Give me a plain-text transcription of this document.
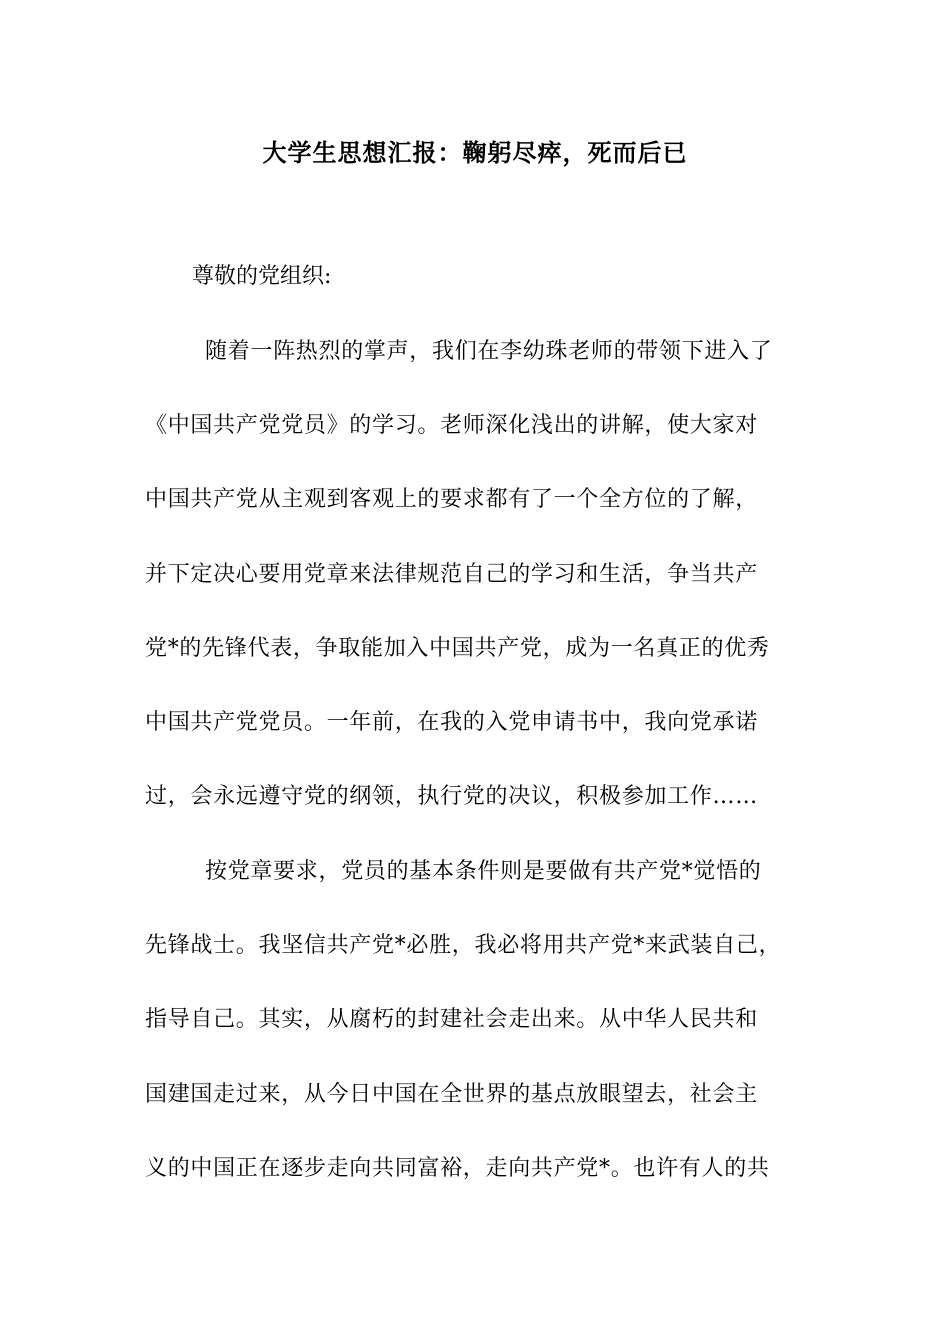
大学生思想汇报：鞠躬尽瘁，死而后已
尊敬的党组织:
随着一阵热烈的掌声，我们在李幼珠老师的带领下进入了
《中国共产党党员》的学习。老师深化浅出的讲解，使大家对
中国共产党从主观到客观上的要求都有了一个全方位的了解，
并下定决心要用党章来法律规范自己的学习和生活，争当共产
党*的先锋代表，争取能加入中国共产党，成为一名真正的优秀
中国共产党党员。一年前，在我的入党申请书中，我向党承诺
过，会永远遵守党的纲领，执行党的决议，积极参加工作……
按党章要求，党员的基本条件则是要做有共产党*觉悟的
先锋战士。我坚信共产党*必胜，我必将用共产党*来武装自己，
指导自己。其实，从腐朽的封建社会走出来。从中华人民共和
国建国走过来，从今日中国在全世界的基点放眼望去，社会主
义的中国正在逐步走向共同富裕，走向共产党*。也许有人的共
